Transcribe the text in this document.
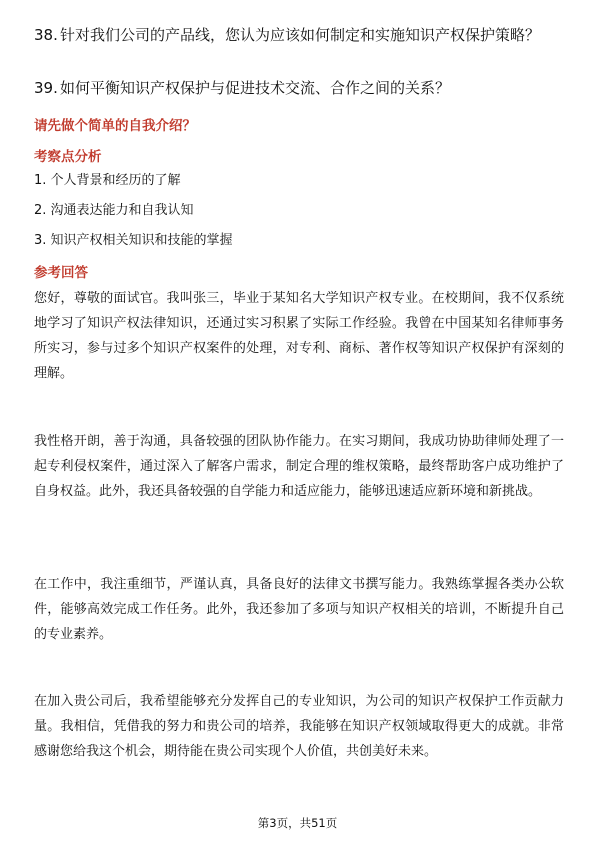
38. 针对我们公司的产品线，您认为应该如何制定和实施知识产权保护策略？
39. 如何平衡知识产权保护与促进技术交流、合作之间的关系？
请先做个简单的自我介绍？
考察点分析
1. 个人背景和经历的了解
2. 沟通表达能力和自我认知
3. 知识产权相关知识和技能的掌握
参考回答
您好，尊敬的面试官。我叫张三，毕业于某知名大学知识产权专业。在校期间，我不仅系统地学习了知识产权法律知识，还通过实习积累了实际工作经验。我曾在中国某知名律师事务所实习，参与过多个知识产权案件的处理，对专利、商标、著作权等知识产权保护有深刻的理解。
我性格开朗，善于沟通，具备较强的团队协作能力。在实习期间，我成功协助律师处理了一起专利侵权案件，通过深入了解客户需求，制定合理的维权策略，最终帮助客户成功维护了自身权益。此外，我还具备较强的自学能力和适应能力，能够迅速适应新环境和新挑战。
在工作中，我注重细节，严谨认真，具备良好的法律文书撰写能力。我熟练掌握各类办公软件，能够高效完成工作任务。此外，我还参加了多项与知识产权相关的培训，不断提升自己的专业素养。
在加入贵公司后，我希望能够充分发挥自己的专业知识，为公司的知识产权保护工作贡献力量。我相信，凭借我的努力和贵公司的培养，我能够在知识产权领域取得更大的成就。非常感谢您给我这个机会，期待能在贵公司实现个人价值，共创美好未来。
第3页，共51页
